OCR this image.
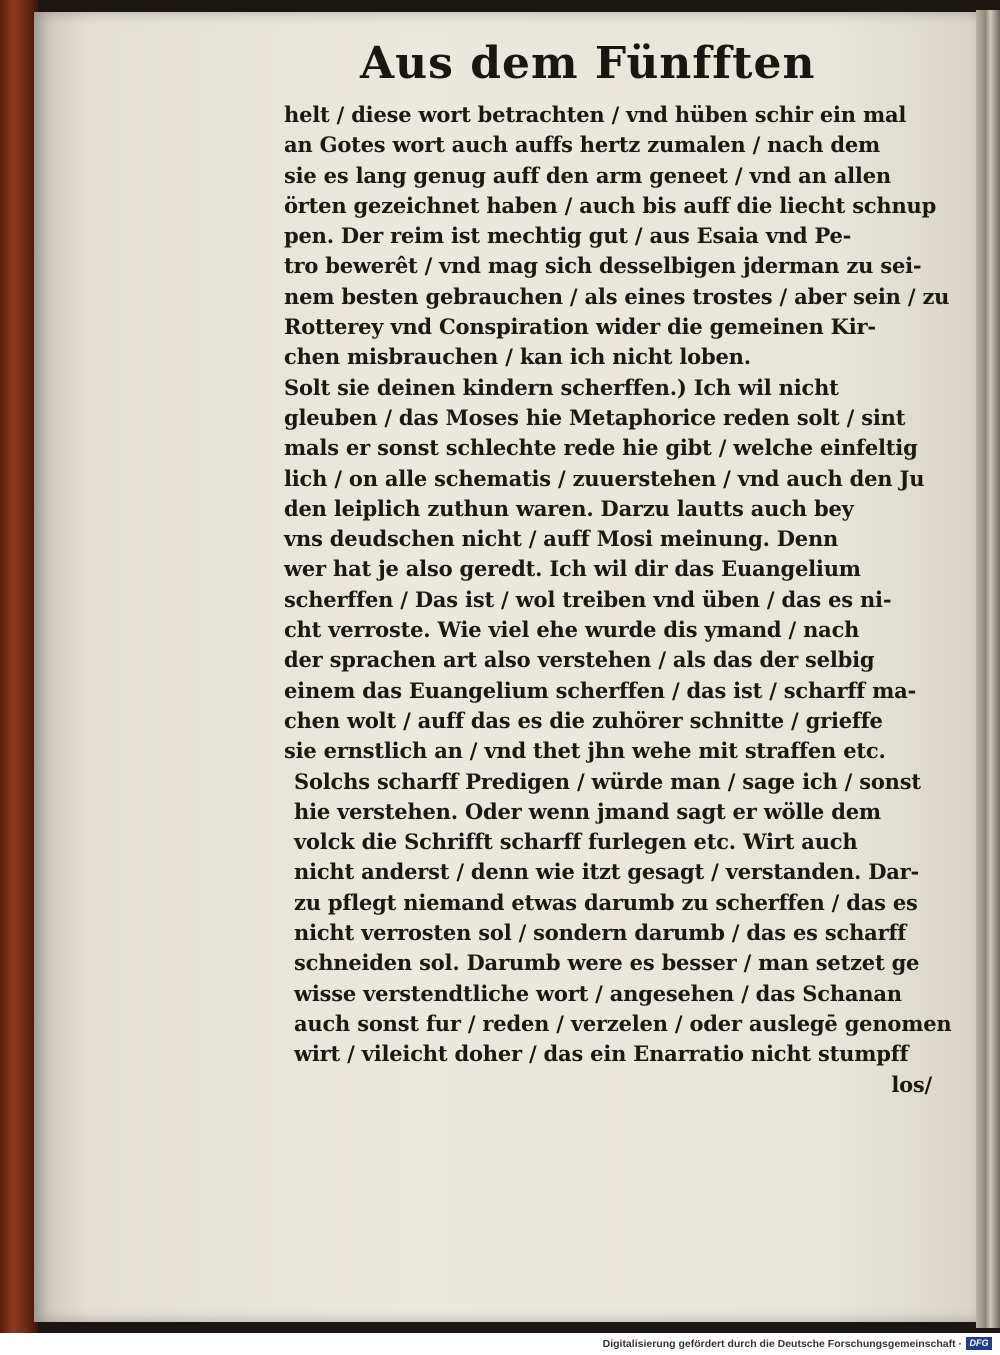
Aus dem Fünfften
helt / diese wort betrachten / vnd hüben schir ein mal
an Gotes wort auch auffs hertz zumalen / nach dem
sie es lang genug auff den arm geneet / vnd an allen
örten gezeichnet haben / auch bis auff die liecht schnup
pen. Der reim ist mechtig gut / aus Esaia vnd Pe-
tro bewerêt / vnd mag sich desselbigen jderman zu sei-
nem besten gebrauchen / als eines trostes / aber sein / zu
Rotterey vnd Conspiration wider die gemeinen Kir-
chen misbrauchen / kan ich nicht loben.
Solt sie deinen kindern scherffen.) Ich wil nicht
gleuben / das Moses hie Metaphorice reden solt / sint
mals er sonst schlechte rede hie gibt / welche einfeltig
lich / on alle schematis / zuuerstehen / vnd auch den Ju
den leiplich zuthun waren. Darzu lautts auch bey
vns deudschen nicht / auff Mosi meinung. Denn
wer hat je also geredt. Ich wil dir das Euangelium
scherffen / Das ist / wol treiben vnd üben / das es ni-
cht verroste. Wie viel ehe wurde dis ymand / nach
der sprachen art also verstehen / als das der selbig
einem das Euangelium scherffen / das ist / scharff ma-
chen wolt / auff das es die zuhörer schnitte / grieffe
sie ernstlich an / vnd thet jhn wehe mit straffen etc.
Solchs scharff Predigen / würde man / sage ich / sonst
hie verstehen. Oder wenn jmand sagt er wölle dem
volck die Schrifft scharff furlegen etc. Wirt auch
nicht anderst / denn wie itzt gesagt / verstanden. Dar-
zu pflegt niemand etwas darumb zu scherffen / das es
nicht verrosten sol / sondern darumb / das es scharff
schneiden sol. Darumb were es besser / man setzet ge
wisse verstendtliche wort / angesehen / das Schanan
auch sonst fur / reden / verzelen / oder auslegē genomen
wirt / vileicht doher / das ein Enarratio nicht stumpff
los/
Digitalisierung gefördert durch die Deutsche Forschungsgemeinschaft · DFG
